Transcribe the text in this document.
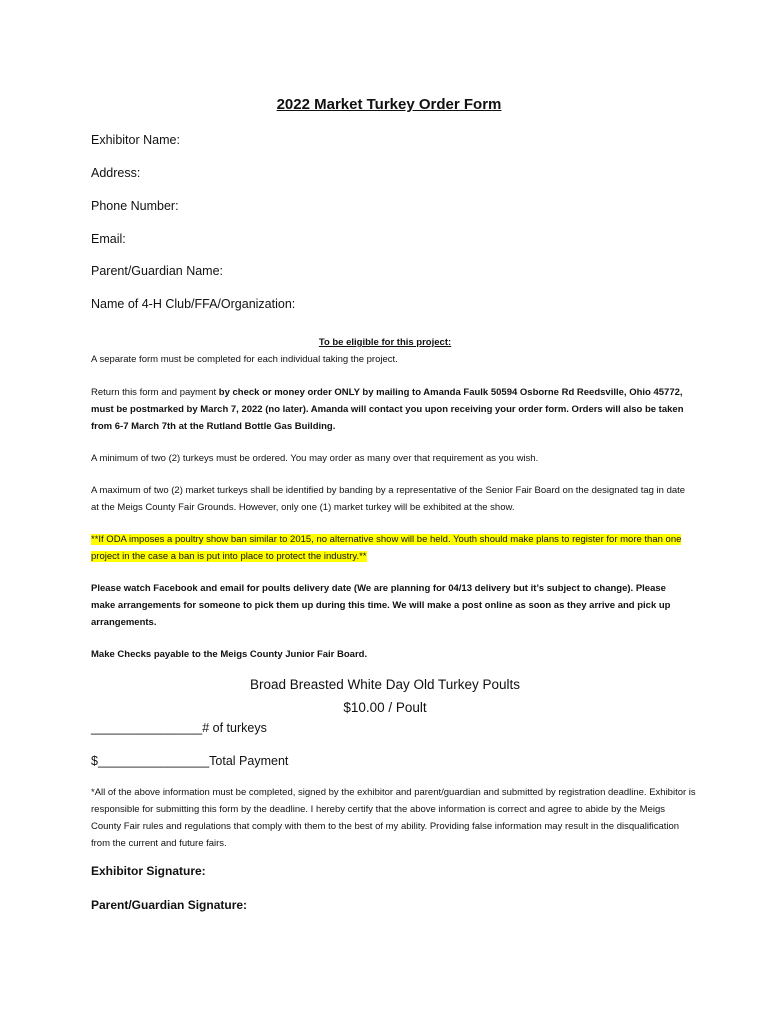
2022 Market Turkey Order Form
Exhibitor Name:
Address:
Phone Number:
Email:
Parent/Guardian Name:
Name of 4-H Club/FFA/Organization:
To be eligible for this project:
A separate form must be completed for each individual taking the project.
Return this form and payment by check or money order ONLY by mailing to Amanda Faulk 50594 Osborne Rd Reedsville, Ohio 45772, must be postmarked by March 7, 2022 (no later). Amanda will contact you upon receiving your order form. Orders will also be taken from 6-7 March 7th at the Rutland Bottle Gas Building.
A minimum of two (2) turkeys must be ordered. You may order as many over that requirement as you wish.
A maximum of two (2) market turkeys shall be identified by banding by a representative of the Senior Fair Board on the designated tag in date at the Meigs County Fair Grounds. However, only one (1) market turkey will be exhibited at the show.
**If ODA imposes a poultry show ban similar to 2015, no alternative show will be held. Youth should make plans to register for more than one project in the case a ban is put into place to protect the industry.**
Please watch Facebook and email for poults delivery date (We are planning for 04/13 delivery but it’s subject to change). Please make arrangements for someone to pick them up during this time. We will make a post online as soon as they arrive and pick up arrangements.
Make Checks payable to the Meigs County Junior Fair Board.
Broad Breasted White Day Old Turkey Poults
$10.00 / Poult
________________# of turkeys
$________________Total Payment
*All of the above information must be completed, signed by the exhibitor and parent/guardian and submitted by registration deadline. Exhibitor is responsible for submitting this form by the deadline. I hereby certify that the above information is correct and agree to abide by the Meigs County Fair rules and regulations that comply with them to the best of my ability. Providing false information may result in the disqualification from the current and future fairs.
Exhibitor Signature:
Parent/Guardian Signature:
